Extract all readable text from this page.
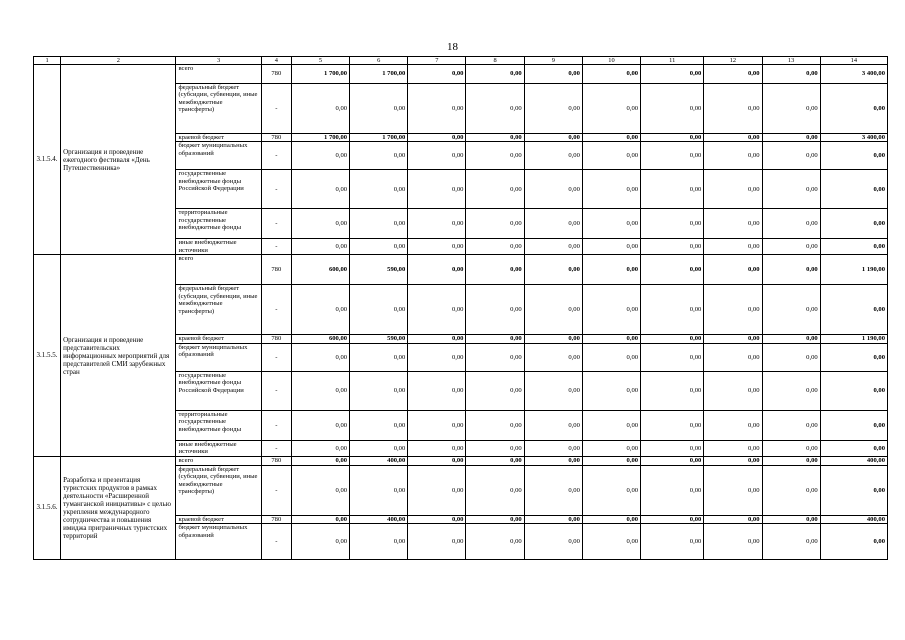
18
1	2	3	4	5	6	7	8	9	10	11	12	13	14
3.1.5.4.	Организация и проведение ежегодного фестиваля «День Путешественника»	всего	780	1 700,00	1 700,00	0,00	0,00	0,00	0,00	0,00	0,00	0,00	3 400,00
		федеральный бюджет (субсидии, субвенции, иные межбюджетные трансферты)	-	0,00	0,00	0,00	0,00	0,00	0,00	0,00	0,00	0,00	0,00
		краевой бюджет	780	1 700,00	1 700,00	0,00	0,00	0,00	0,00	0,00	0,00	0,00	3 400,00
		бюджет муниципальных образований	-	0,00	0,00	0,00	0,00	0,00	0,00	0,00	0,00	0,00	0,00
		государственные внебюджетные фонды Российской Федерации	-	0,00	0,00	0,00	0,00	0,00	0,00	0,00	0,00	0,00	0,00
		территориальные государственные внебюджетные фонды	-	0,00	0,00	0,00	0,00	0,00	0,00	0,00	0,00	0,00	0,00
		иные внебюджетные источники	-	0,00	0,00	0,00	0,00	0,00	0,00	0,00	0,00	0,00	0,00
3.1.5.5.	Организация и проведение представительских информационных мероприятий для представителей СМИ зарубежных стран	всего	780	600,00	590,00	0,00	0,00	0,00	0,00	0,00	0,00	0,00	1 190,00
		федеральный бюджет (субсидии, субвенции, иные межбюджетные трансферты)	-	0,00	0,00	0,00	0,00	0,00	0,00	0,00	0,00	0,00	0,00
		краевой бюджет	780	600,00	590,00	0,00	0,00	0,00	0,00	0,00	0,00	0,00	1 190,00
		бюджет муниципальных образований	-	0,00	0,00	0,00	0,00	0,00	0,00	0,00	0,00	0,00	0,00
		государственные внебюджетные фонды Российской Федерации	-	0,00	0,00	0,00	0,00	0,00	0,00	0,00	0,00	0,00	0,00
		территориальные государственные внебюджетные фонды	-	0,00	0,00	0,00	0,00	0,00	0,00	0,00	0,00	0,00	0,00
		иные внебюджетные источники	-	0,00	0,00	0,00	0,00	0,00	0,00	0,00	0,00	0,00	0,00
3.1.5.6.	Разработка и презентация туристских продуктов в рамках деятельности «Расширенной туманганской инициативы» с целью укрепления международного сотрудничества и повышения имиджа приграничных туристских территорий	всего	780	0,00	400,00	0,00	0,00	0,00	0,00	0,00	0,00	0,00	400,00
		федеральный бюджет (субсидии, субвенции, иные межбюджетные трансферты)	-	0,00	0,00	0,00	0,00	0,00	0,00	0,00	0,00	0,00	0,00
		краевой бюджет	780	0,00	400,00	0,00	0,00	0,00	0,00	0,00	0,00	0,00	400,00
		бюджет муниципальных образований	-	0,00	0,00	0,00	0,00	0,00	0,00	0,00	0,00	0,00	0,00
